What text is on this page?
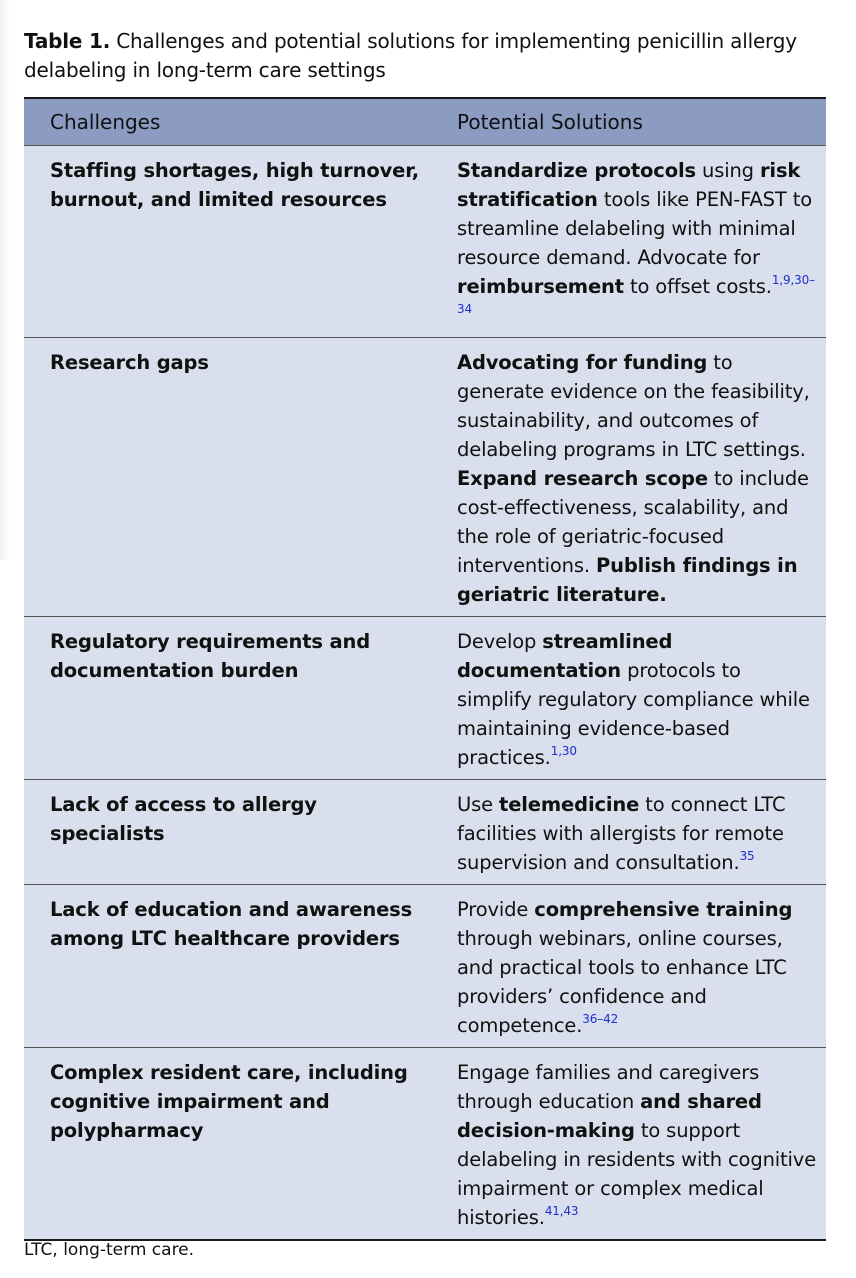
Table 1. Challenges and potential solutions for implementing penicillin allergy delabeling in long-term care settings
Challenges	Potential Solutions
Staffing shortages, high turnover, burnout, and limited resources	Standardize protocols using risk stratification tools like PEN-FAST to streamline delabeling with minimal resource demand. Advocate for reimbursement to offset costs.$^{1,9,30-34}$
Research gaps	Advocating for funding to generate evidence on the feasibility, sustainability, and outcomes of delabeling programs in LTC settings. Expand research scope to include cost-effectiveness, scalability, and the role of geriatric-focused interventions. Publish findings in geriatric literature.
Regulatory requirements and documentation burden	Develop streamlined documentation protocols to simplify regulatory compliance while maintaining evidence-based practices.$^{1,30}$
Lack of access to allergy specialists	Use telemedicine to connect LTC facilities with allergists for remote supervision and consultation.$^{35}$
Lack of education and awareness among LTC healthcare providers	Provide comprehensive training through webinars, online courses, and practical tools to enhance LTC providers’ confidence and competence.$^{36-42}$
Complex resident care, including cognitive impairment and polypharmacy	Engage families and caregivers through education and shared decision-making to support delabeling in residents with cognitive impairment or complex medical histories.$^{41,43}$
LTC, long-term care.
